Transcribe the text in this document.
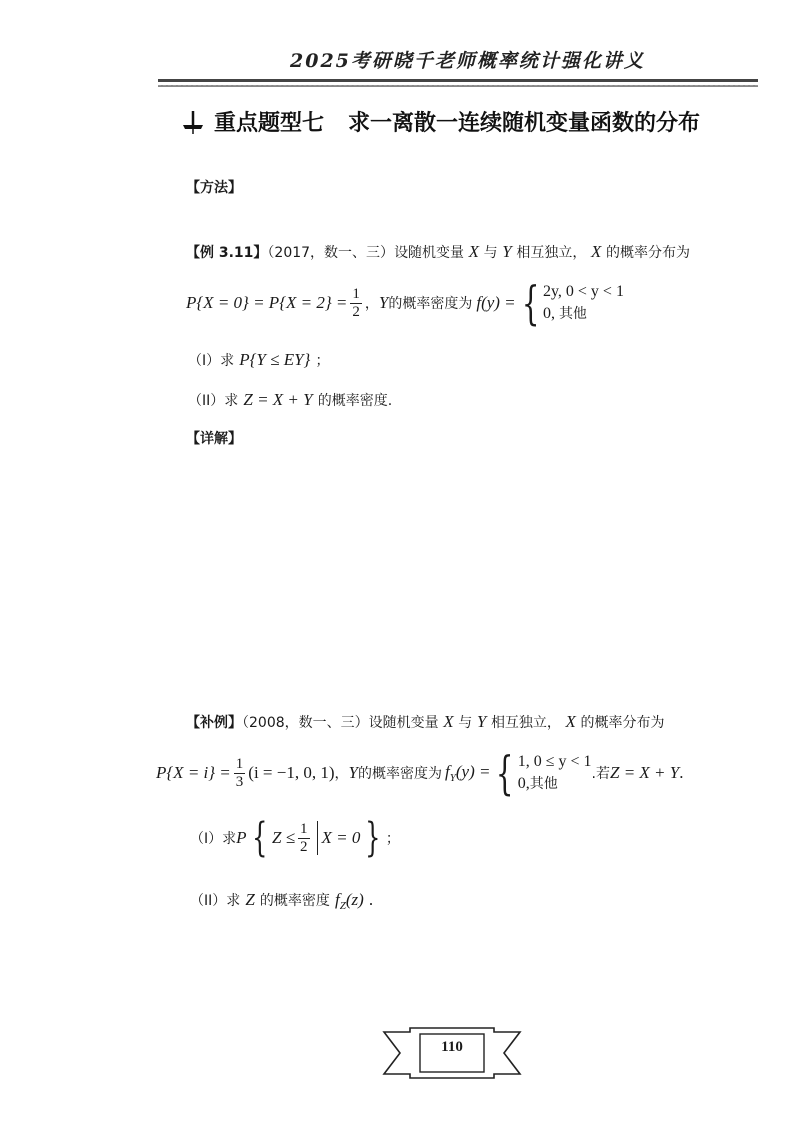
2025考研晓千老师概率统计强化讲义
重点题型七 求一离散一连续随机变量函数的分布
【方法】
【例 3.11】（2017，数一、三）设随机变量 X 与 Y 相互独立， X 的概率分布为
$P\{X = 0\} = P\{X = 2\} = \frac{1}{2}$ ， Y 的概率密度为 f(y) = { 2y, 0 < y < 1
0, 其他
（I）求 P{Y ≤ EY} ；
（II）求 Z = X + Y 的概率密度.
【详解】
【补例】（2008，数一、三）设随机变量 X 与 Y 相互独立， X 的概率分布为
$P\{X = i\} = \frac{1}{3} (i = -1$, 0, 1) ， Y 的概率密度为 $f_Y(y)$ = { 1, 0 ≤ y < 1
0,其他
.若 Z = X + Y .
（I）求 P { $Z \le \frac{1}{2}$ X = 0 } ；
（II）求 Z 的概率密度 $f_Z(z)$ .
110
